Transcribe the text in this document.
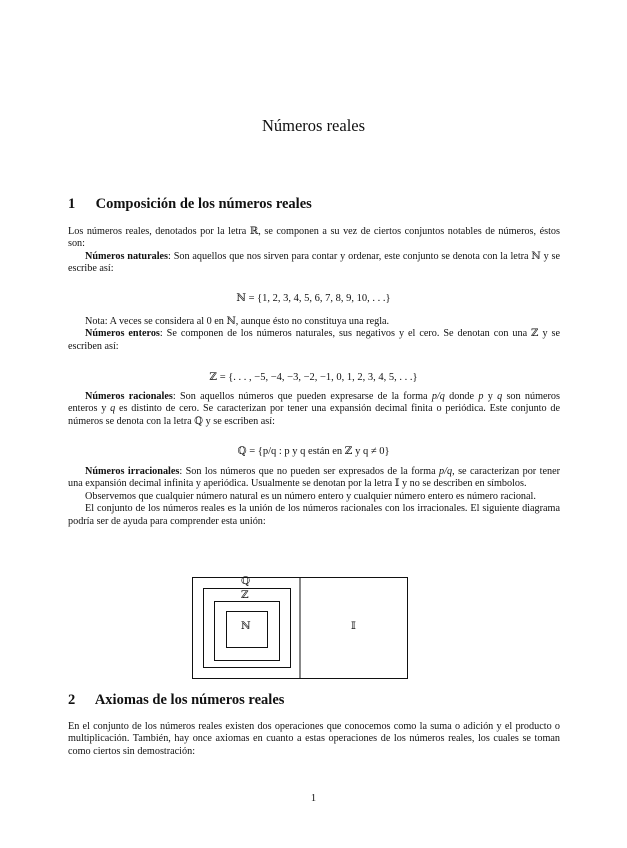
Números reales
1 Composición de los números reales

Los números reales, denotados por la letra ℝ, se componen a su vez de ciertos conjuntos notables de números, éstos son:

Números naturales: Son aquellos que nos sirven para contar y ordenar, este conjunto se denota con la letra ℕ y se escribe así:

ℕ = {1, 2, 3, 4, 5, 6, 7, 8, 9, 10, . . .}

Nota: A veces se considera al 0 en ℕ, aunque ésto no constituya una regla.

Números enteros: Se componen de los números naturales, sus negativos y el cero. Se denotan con una ℤ y se escriben así:

ℤ = {. . . , −5, −4, −3, −2, −1, 0, 1, 2, 3, 4, 5, . . .}

Números racionales: Son aquellos números que pueden expresarse de la forma p/q donde p y q son números enteros y q es distinto de cero. Se caracterizan por tener una expansión decimal finita o periódica. Este conjunto de números se denota con la letra ℚ y se escriben así:

ℚ = {p/q : p y q están en ℤ y q ≠ 0}

Números irracionales: Son los números que no pueden ser expresados de la forma p/q, se caracterizan por tener una expansión decimal infinita y aperiódica. Usualmente se denotan por la letra 𝕀 y no se describen en símbolos.

Observemos que cualquier número natural es un número entero y cualquier número entero es número racional.

El conjunto de los números reales es la unión de los números racionales con los irracionales. El siguiente diagrama podría ser de ayuda para comprender esta unión:

ℚ
ℤ
ℕ	𝕀
2 Axiomas de los números reales

En el conjunto de los números reales existen dos operaciones que conocemos como la suma o adición y el producto o multiplicación. También, hay once axiomas en cuanto a estas operaciones de los números reales, los cuales se toman como ciertos sin demostración:

1
